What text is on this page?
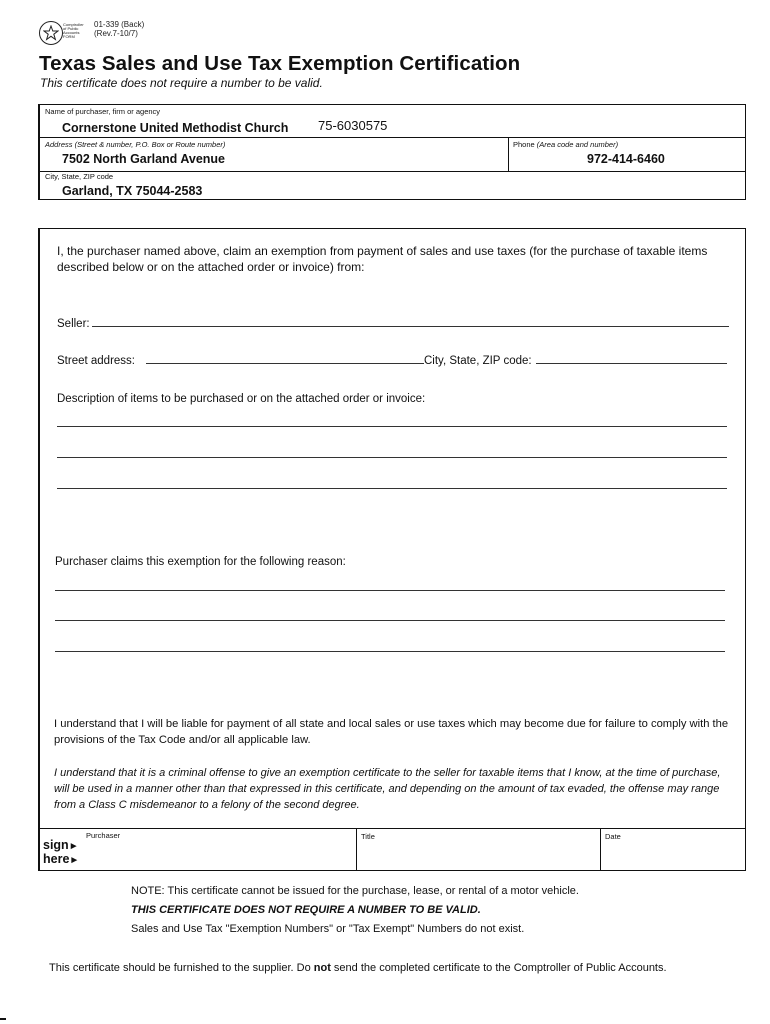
Comptroller
of Public
Accounts
FORM
01-339 (Back)
(Rev.7-10/7)
Texas Sales and Use Tax Exemption Certification
This certificate does not require a number to be valid.
Name of purchaser, firm or agency
Cornerstone United Methodist Church 75-6030575
Address (Street & number, P.O. Box or Route number)
7502 North Garland Avenue
Phone (Area code and number)
972-414-6460
City, State, ZIP code
Garland, TX 75044-2583
I, the purchaser named above, claim an exemption from payment of sales and use taxes (for the purchase of taxable items described below or on the attached order or invoice) from:
Seller:
Street address:	City, State, ZIP code:
Description of items to be purchased or on the attached order or invoice:
Purchaser claims this exemption for the following reason:
I understand that I will be liable for payment of all state and local sales or use taxes which may become due for failure to comply with the provisions of the Tax Code and/or all applicable law.
I understand that it is a criminal offense to give an exemption certificate to the seller for taxable items that I know, at the time of purchase, will be used in a manner other than that expressed in this certificate, and depending on the amount of tax evaded, the offense may range from a Class C misdemeanor to a felony of the second degree.
Purchaser	Title	Date
sign►
here►
NOTE: This certificate cannot be issued for the purchase, lease, or rental of a motor vehicle.
THIS CERTIFICATE DOES NOT REQUIRE A NUMBER TO BE VALID.
Sales and Use Tax "Exemption Numbers" or "Tax Exempt" Numbers do not exist.
This certificate should be furnished to the supplier. Do not send the completed certificate to the Comptroller of Public Accounts.
